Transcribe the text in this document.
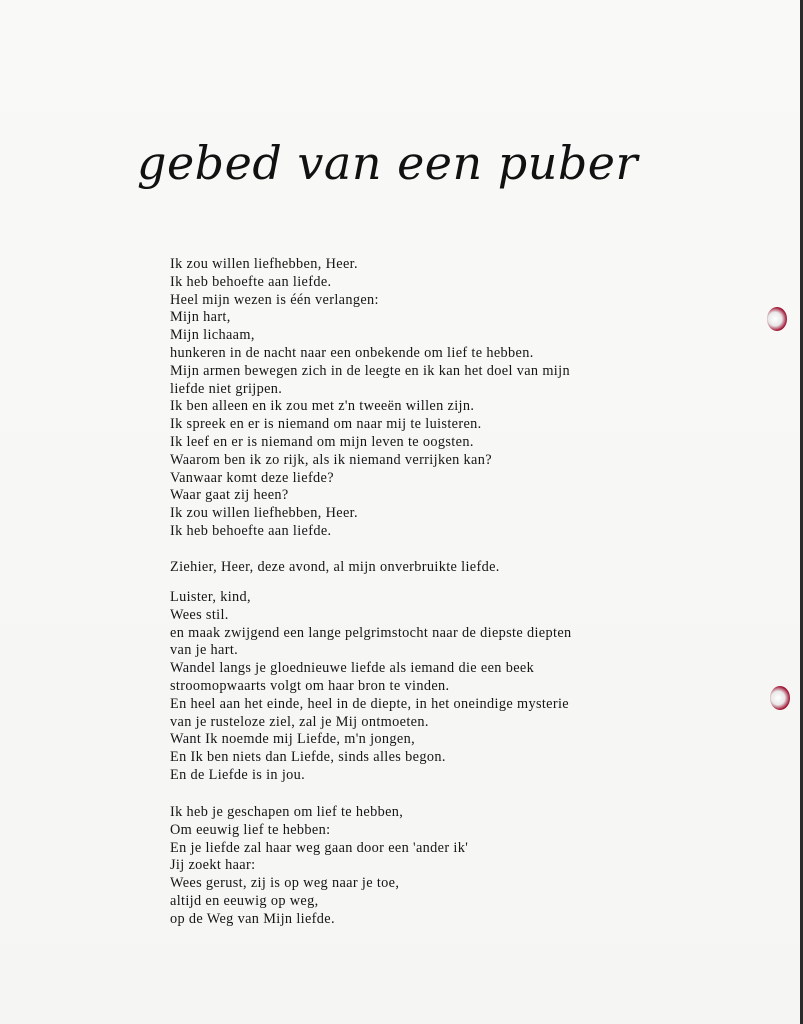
gebed van een puber
Ik zou willen liefhebben, Heer.
Ik heb behoefte aan liefde.
Heel mijn wezen is één verlangen:
Mijn hart,
Mijn lichaam,
hunkeren in de nacht naar een onbekende om lief te hebben.
Mijn armen bewegen zich in de leegte en ik kan het doel van mijn
liefde niet grijpen.
Ik ben alleen en ik zou met z'n tweeën willen zijn.
Ik spreek en er is niemand om naar mij te luisteren.
Ik leef en er is niemand om mijn leven te oogsten.
Waarom ben ik zo rijk, als ik niemand verrijken kan?
Vanwaar komt deze liefde?
Waar gaat zij heen?
Ik zou willen liefhebben, Heer.
Ik heb behoefte aan liefde.
Ziehier, Heer, deze avond, al mijn onverbruikte liefde.
Luister, kind,
Wees stil.
en maak zwijgend een lange pelgrimstocht naar de diepste diepten
van je hart.
Wandel langs je gloednieuwe liefde als iemand die een beek
stroomopwaarts volgt om haar bron te vinden.
En heel aan het einde, heel in de diepte, in het oneindige mysterie
van je rusteloze ziel, zal je Mij ontmoeten.
Want Ik noemde mij Liefde, m'n jongen,
En Ik ben niets dan Liefde, sinds alles begon.
En de Liefde is in jou.
Ik heb je geschapen om lief te hebben,
Om eeuwig lief te hebben:
En je liefde zal haar weg gaan door een 'ander ik'
Jij zoekt haar:
Wees gerust, zij is op weg naar je toe,
altijd en eeuwig op weg,
op de Weg van Mijn liefde.
